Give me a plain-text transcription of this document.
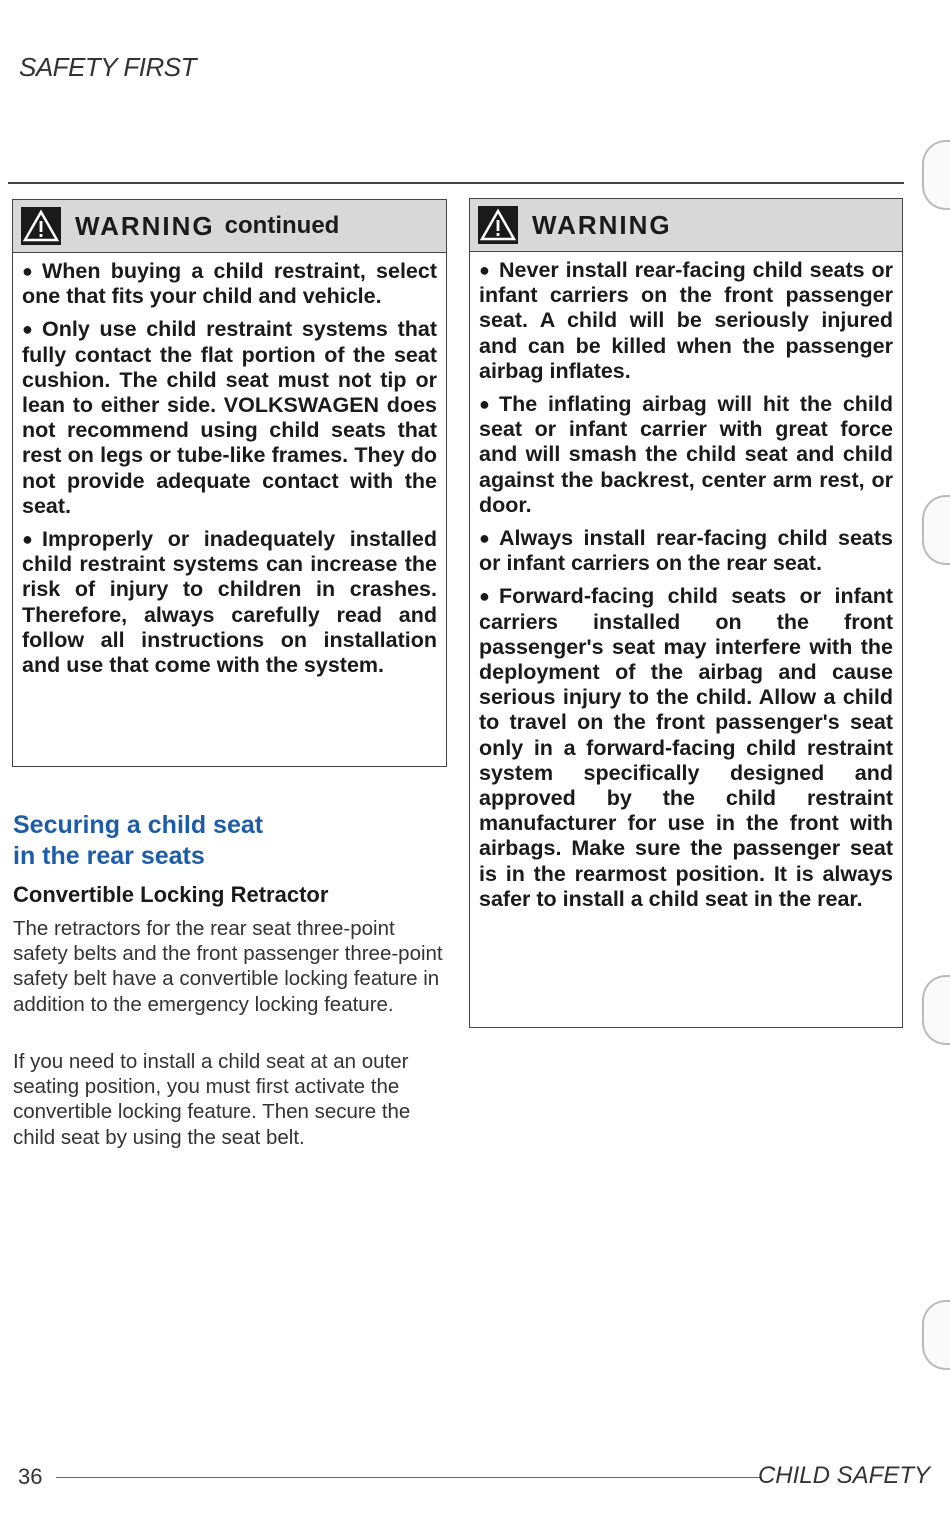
SAFETY FIRST
WARNING continued

● When buying a child restraint, select one that fits your child and vehicle.

● Only use child restraint systems that fully contact the flat portion of the seat cushion. The child seat must not tip or lean to either side. VOLKSWAGEN does not recommend using child seats that rest on legs or tube-like frames. They do not provide adequate contact with the seat.

● Improperly or inadequately installed child restraint systems can increase the risk of injury to children in crashes. Therefore, always carefully read and follow all instructions on installation and use that come with the system.

Securing a child seat
in the rear seats
Convertible Locking Retractor

The retractors for the rear seat three-point safety belts and the front passenger three-point safety belt have a convertible locking feature in addition to the emergency locking feature.

If you need to install a child seat at an outer seating position, you must first activate the convertible locking feature. Then secure the child seat by using the seat belt.

WARNING

● Never install rear-facing child seats or infant carriers on the front passenger seat. A child will be seriously injured and can be killed when the passenger airbag inflates.

● The inflating airbag will hit the child seat or infant carrier with great force and will smash the child seat and child against the backrest, center arm rest, or door.

● Always install rear-facing child seats or infant carriers on the rear seat.

● Forward-facing child seats or infant carriers installed on the front passenger's seat may interfere with the deployment of the airbag and cause serious injury to the child. Allow a child to travel on the front passenger's seat only in a forward-facing child restraint system specifically designed and approved by the child restraint manufacturer for use in the front with airbags. Make sure the passenger seat is in the rearmost position. It is always safer to install a child seat in the rear.

36	CHILD SAFETY
